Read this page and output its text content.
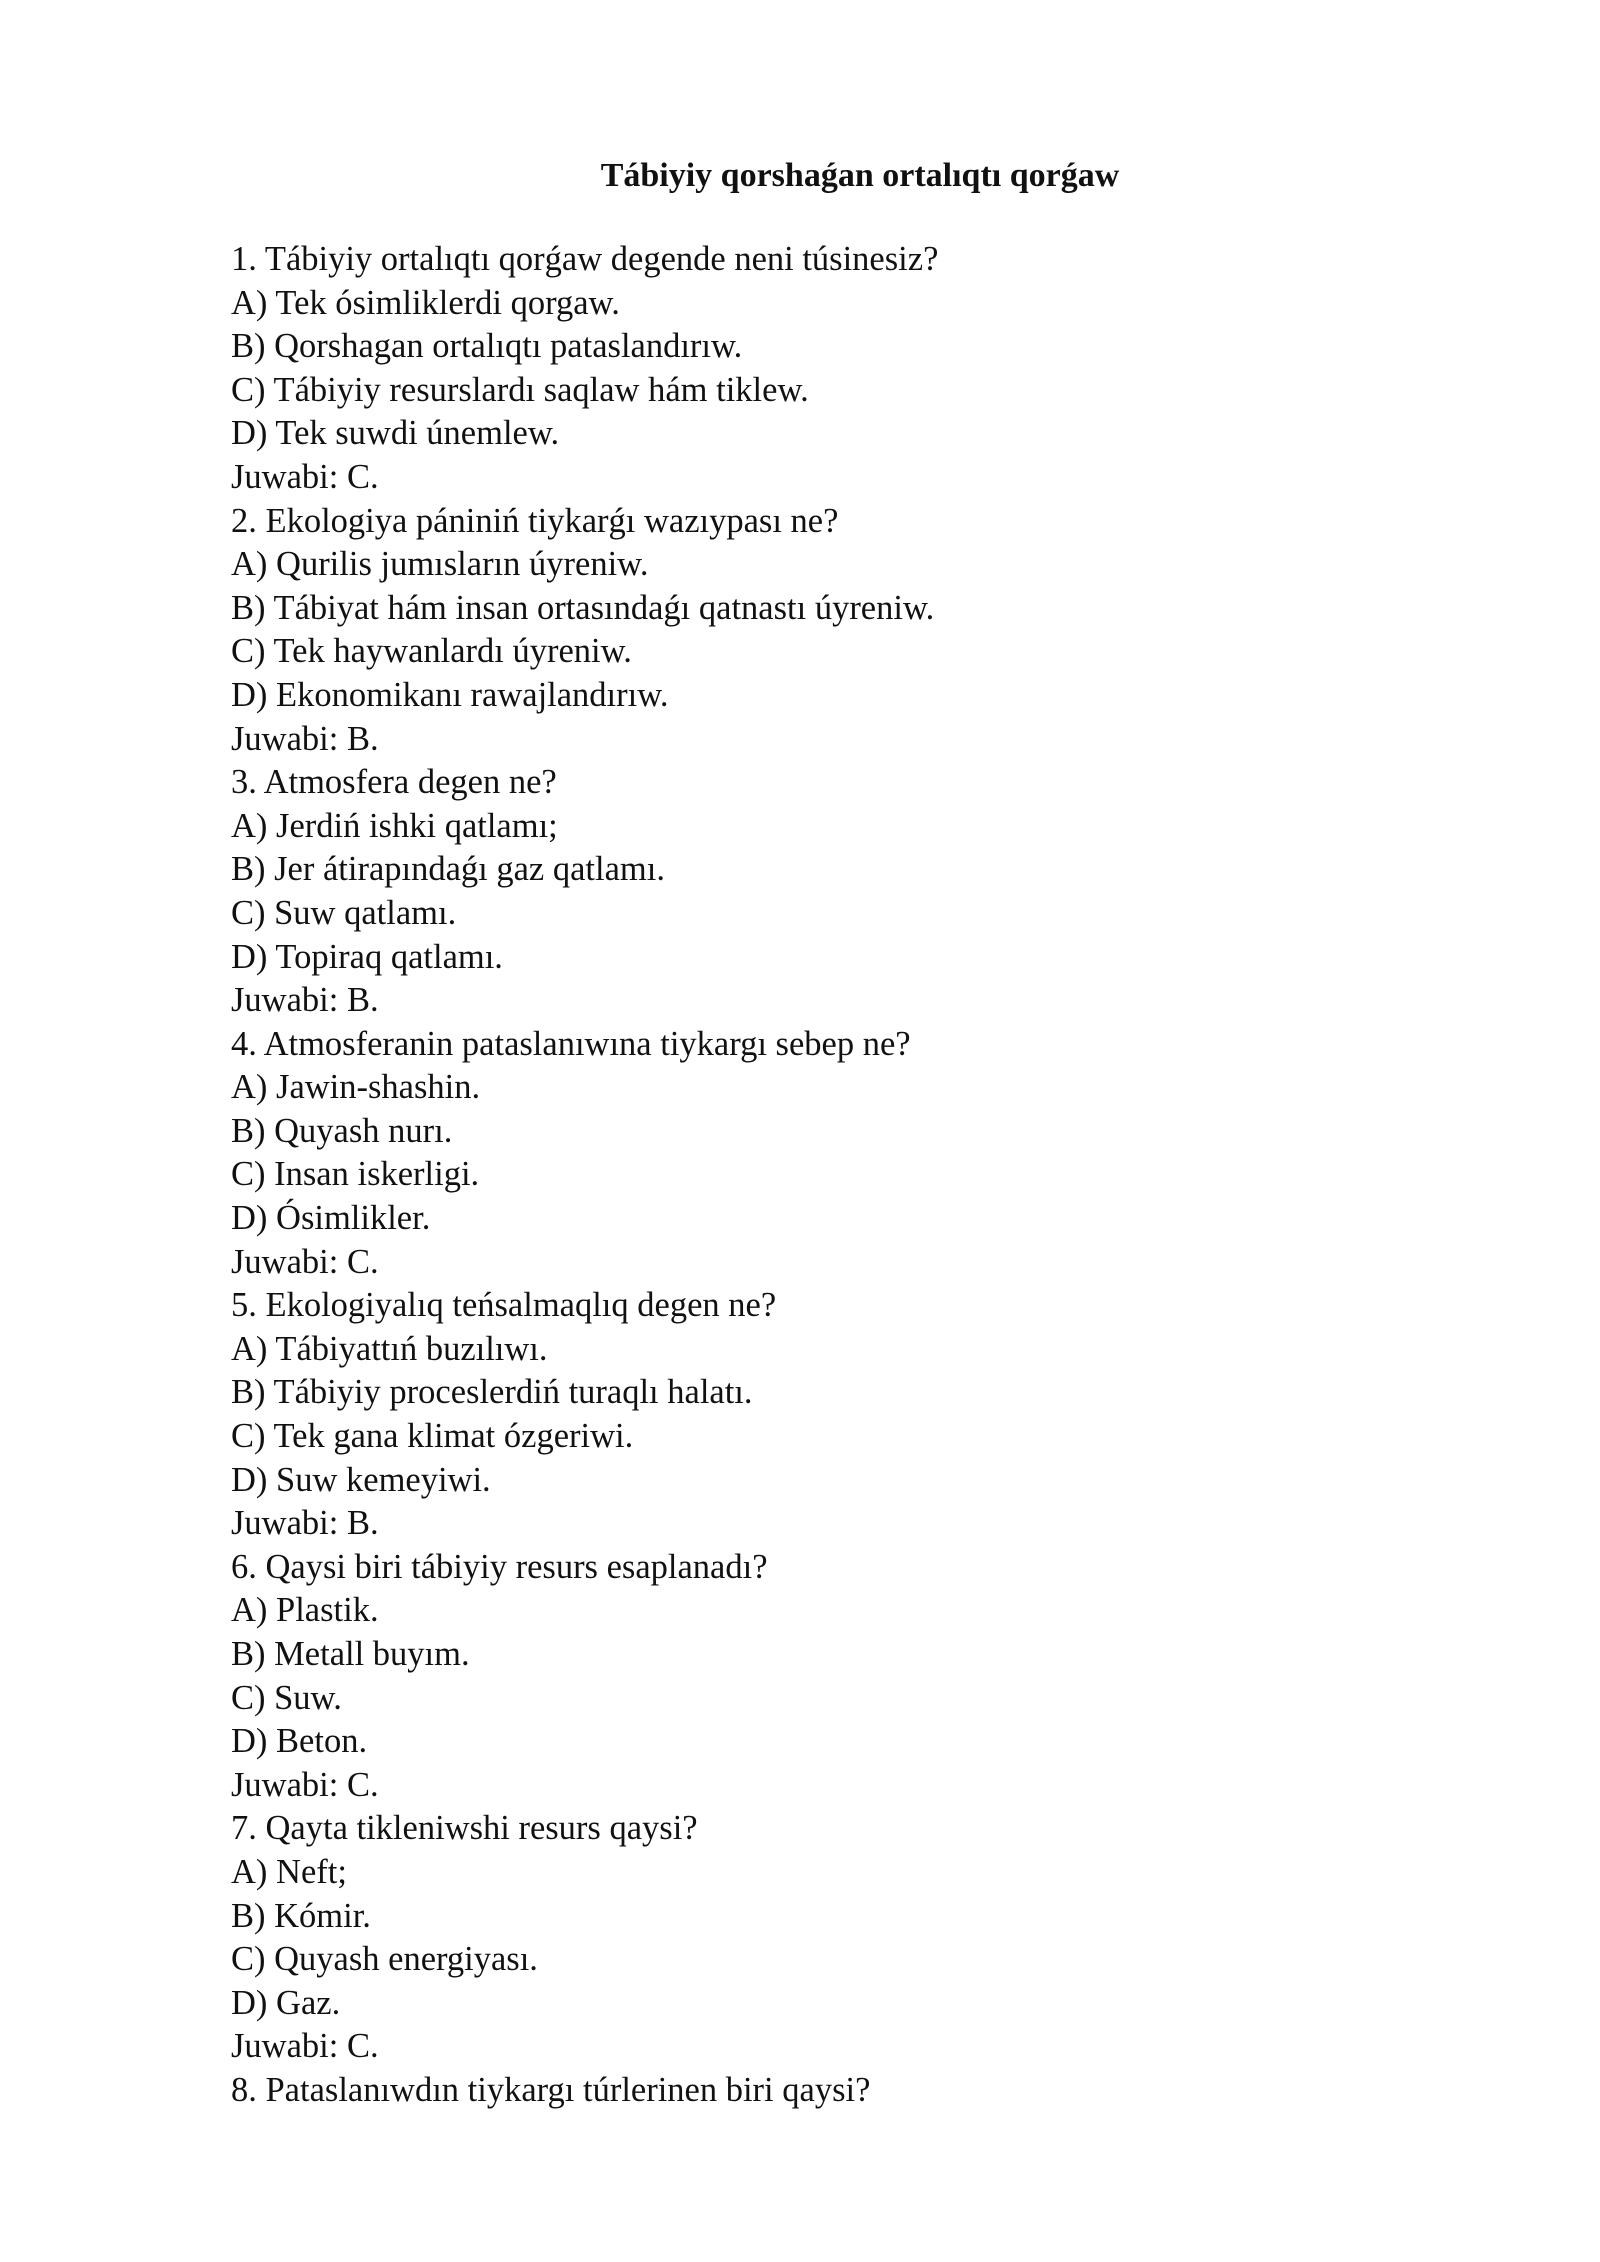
Tábiyiy qorshaǵan ortalıqtı qorǵaw

1. Tábiyiy ortalıqtı qorǵaw degende neni túsinesiz?

A) Tek ósimliklerdi qorgaw.

B) Qorshagan ortalıqtı pataslandırıw.

C) Tábiyiy resurslardı saqlaw hám tiklew.

D) Tek suwdi únemlew.

Juwabi: C.

2. Ekologiya pániniń tiykarǵı wazıypası ne?

A) Qurilis jumısların úyreniw.

B) Tábiyat hám insan ortasındaǵı qatnastı úyreniw.

C) Tek haywanlardı úyreniw.

D) Ekonomikanı rawajlandırıw.

Juwabi: B.

3. Atmosfera degen ne?

A) Jerdiń ishki qatlamı;

B) Jer átirapındaǵı gaz qatlamı.

C) Suw qatlamı.

D) Topiraq qatlamı.

Juwabi: B.

4. Atmosferanin pataslanıwına tiykargı sebep ne?

A) Jawin-shashin.

B) Quyash nurı.

C) Insan iskerligi.

D) Ósimlikler.

Juwabi: C.

5. Ekologiyalıq teńsalmaqlıq degen ne?

A) Tábiyattıń buzılıwı.

B) Tábiyiy proceslerdiń turaqlı halatı.

C) Tek gana klimat ózgeriwi.

D) Suw kemeyiwi.

Juwabi: B.

6. Qaysi biri tábiyiy resurs esaplanadı?

A) Plastik.

B) Metall buyım.

C) Suw.

D) Beton.

Juwabi: C.

7. Qayta tikleniwshi resurs qaysi?

A) Neft;

B) Kómir.

C) Quyash energiyası.

D) Gaz.

Juwabi: C.

8. Pataslanıwdın tiykargı túrlerinen biri qaysi?
